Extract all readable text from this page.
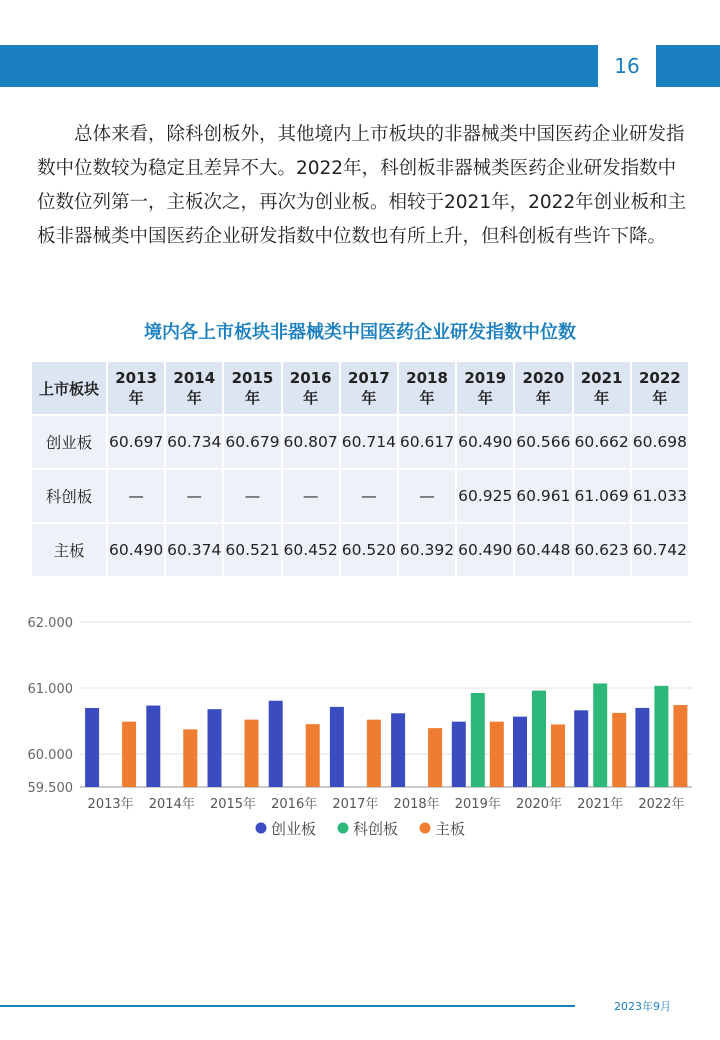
16

总体来看，除科创板外，其他境内上市板块的非器械类中国医药企业研发指数中位数较为稳定且差异不大。2022年，科创板非器械类医药企业研发指数中位数位列第一，主板次之，再次为创业板。相较于2021年，2022年创业板和主板非器械类中国医药企业研发指数中位数也有所上升，但科创板有些许下降。

境内各上市板块非器械类中国医药企业研发指数中位数
上市板块	2013年	2014年	2015年	2016年	2017年	2018年	2019年	2020年	2021年	2022年
创业板	60.697	60.734	60.679	60.807	60.714	60.617	60.490	60.566	60.662	60.698
科创板	—	—	—	—	—	—	60.925	60.961	61.069	61.033
主板	60.490	60.374	60.521	60.452	60.520	60.392	60.490	60.448	60.623	60.742
59.500
60.000
61.000
62.000
2013年 2014年 2015年 2016年 2017年 2018年 2019年 2020年 2021年 2022年
创业板 科创板 主板
2023年9月
